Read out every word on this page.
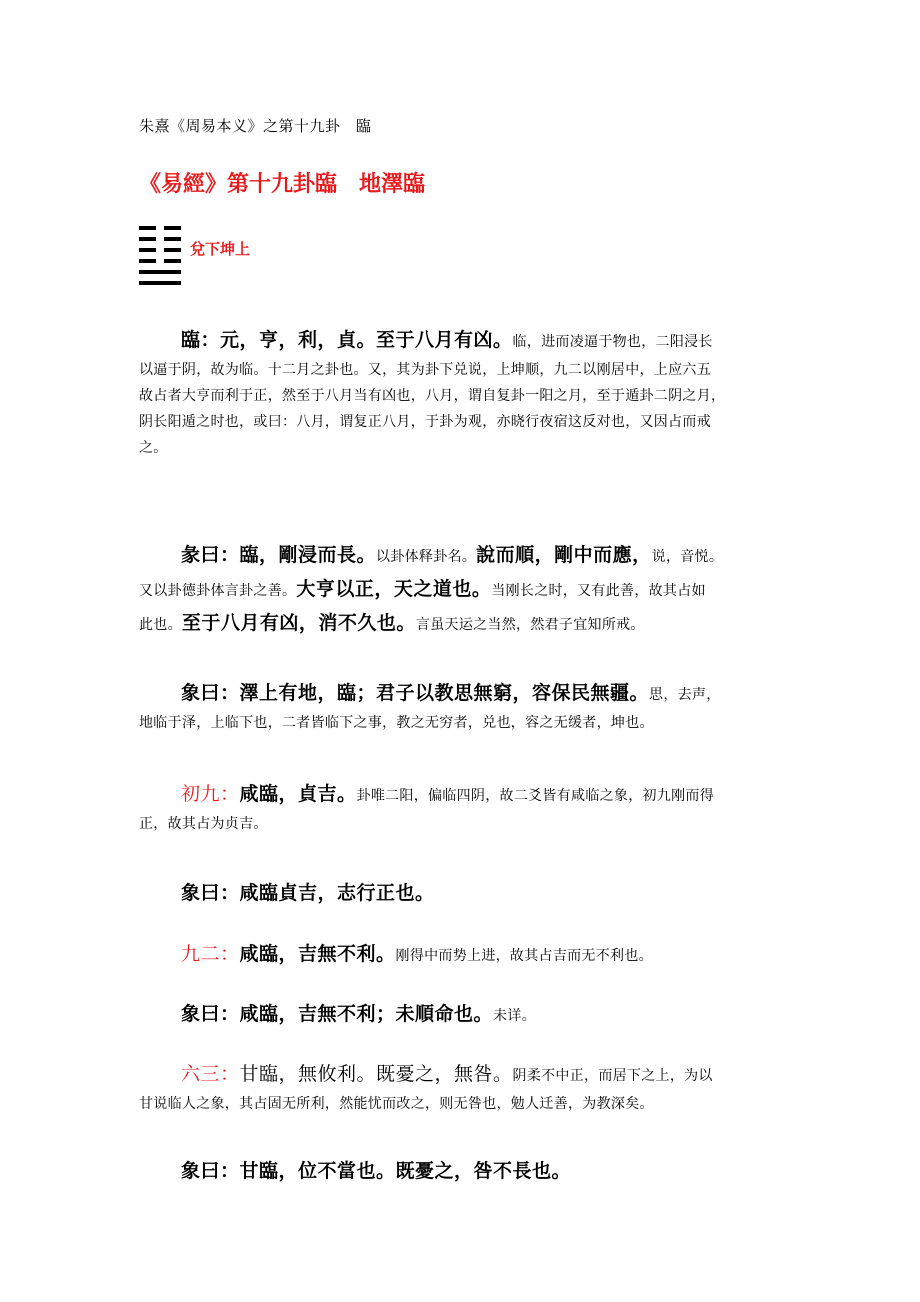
朱熹《周易本义》之第十九卦　臨
《易經》第十九卦臨　地澤臨
兌下坤上
臨：元，亨，利，貞。至于八月有凶。临，进而凌逼于物也，二阳浸长
以逼于阴，故为临。十二月之卦也。又，其为卦下兑说，上坤顺，九二以刚居中，上应六五
故占者大亨而利于正，然至于八月当有凶也，八月，谓自复卦一阳之月，至于遁卦二阴之月，
阴长阳遁之时也，或曰：八月，谓复正八月，于卦为观，亦晓行夜宿这反对也，又因占而戒
之。
彖曰：臨，剛浸而長。以卦体释卦名。說而順，剛中而應，说，音悦。
又以卦德卦体言卦之善。大亨以正，天之道也。当刚长之时，又有此善，故其占如
此也。至于八月有凶，消不久也。言虽天运之当然，然君子宜知所戒。
象曰：澤上有地，臨；君子以教思無窮，容保民無疆。思，去声，
地临于泽，上临下也，二者皆临下之事，教之无穷者，兑也，容之无缓者，坤也。
初九：咸臨，貞吉。卦唯二阳，偏临四阴，故二爻皆有咸临之象，初九刚而得
正，故其占为贞吉。
象曰：咸臨貞吉，志行正也。
九二：咸臨，吉無不利。刚得中而势上进，故其占吉而无不利也。
象曰：咸臨，吉無不利；未順命也。未详。
六三：甘臨，無攸利。既憂之，無咎。阴柔不中正，而居下之上，为以
甘说临人之象，其占固无所利，然能忧而改之，则无咎也，勉人迁善，为教深矣。
象曰：甘臨，位不當也。既憂之，咎不長也。
